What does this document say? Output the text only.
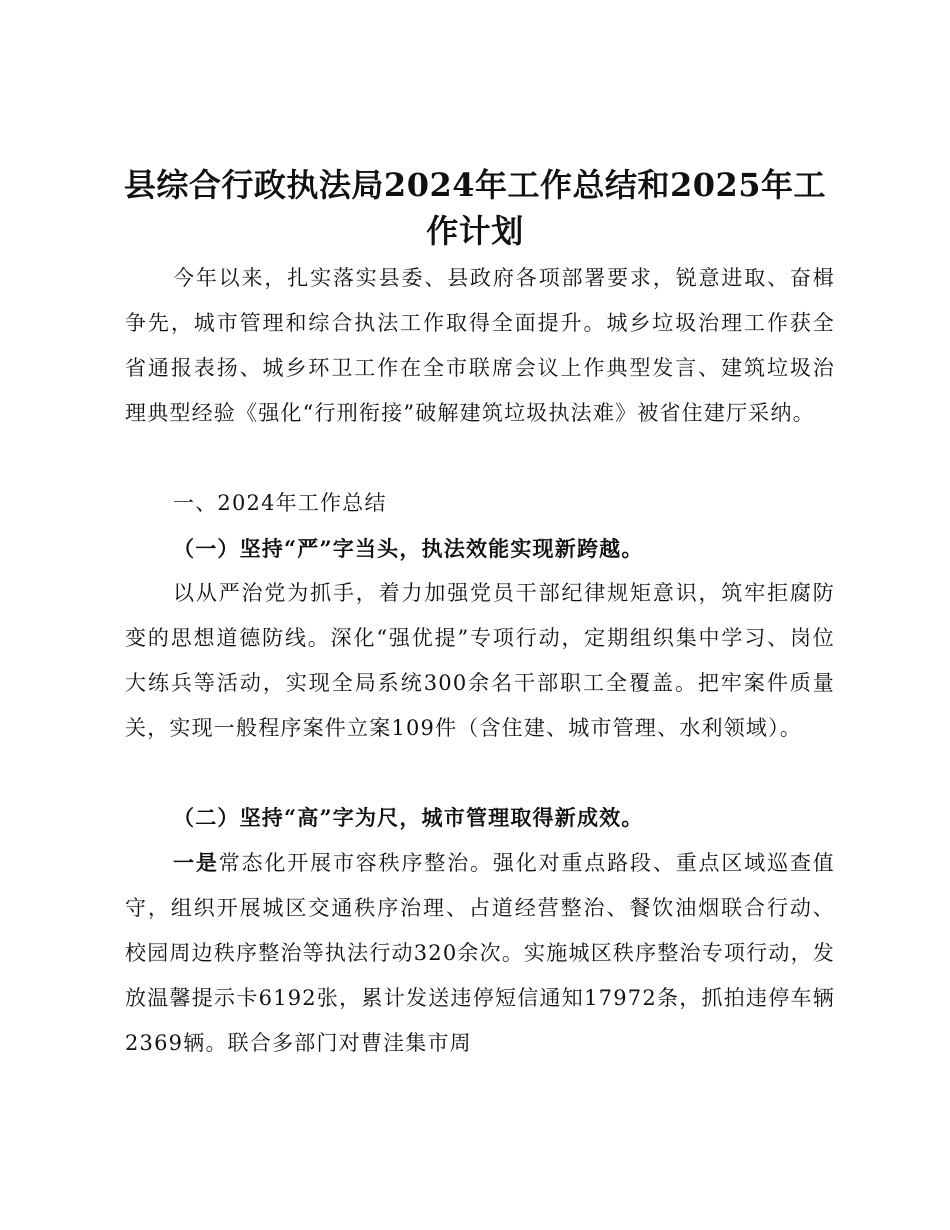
县综合行政执法局2024年工作总结和2025年工作计划
今年以来，扎实落实县委、县政府各项部署要求，锐意进取、奋楫争先，城市管理和综合执法工作取得全面提升。城乡垃圾治理工作获全省通报表扬、城乡环卫工作在全市联席会议上作典型发言、建筑垃圾治理典型经验《强化“行刑衔接”破解建筑垃圾执法难》被省住建厅采纳。
一、2024年工作总结
（一）坚持“严”字当头，执法效能实现新跨越。
以从严治党为抓手，着力加强党员干部纪律规矩意识，筑牢拒腐防变的思想道德防线。深化“强优提”专项行动，定期组织集中学习、岗位大练兵等活动，实现全局系统300余名干部职工全覆盖。把牢案件质量关，实现一般程序案件立案109件（含住建、城市管理、水利领域）。
（二）坚持“高”字为尺，城市管理取得新成效。
一是常态化开展市容秩序整治。强化对重点路段、重点区域巡查值守，组织开展城区交通秩序治理、占道经营整治、餐饮油烟联合行动、校园周边秩序整治等执法行动320余次。实施城区秩序整治专项行动，发放温馨提示卡6192张，累计发送违停短信通知17972条，抓拍违停车辆2369辆。联合多部门对曹洼集市周
